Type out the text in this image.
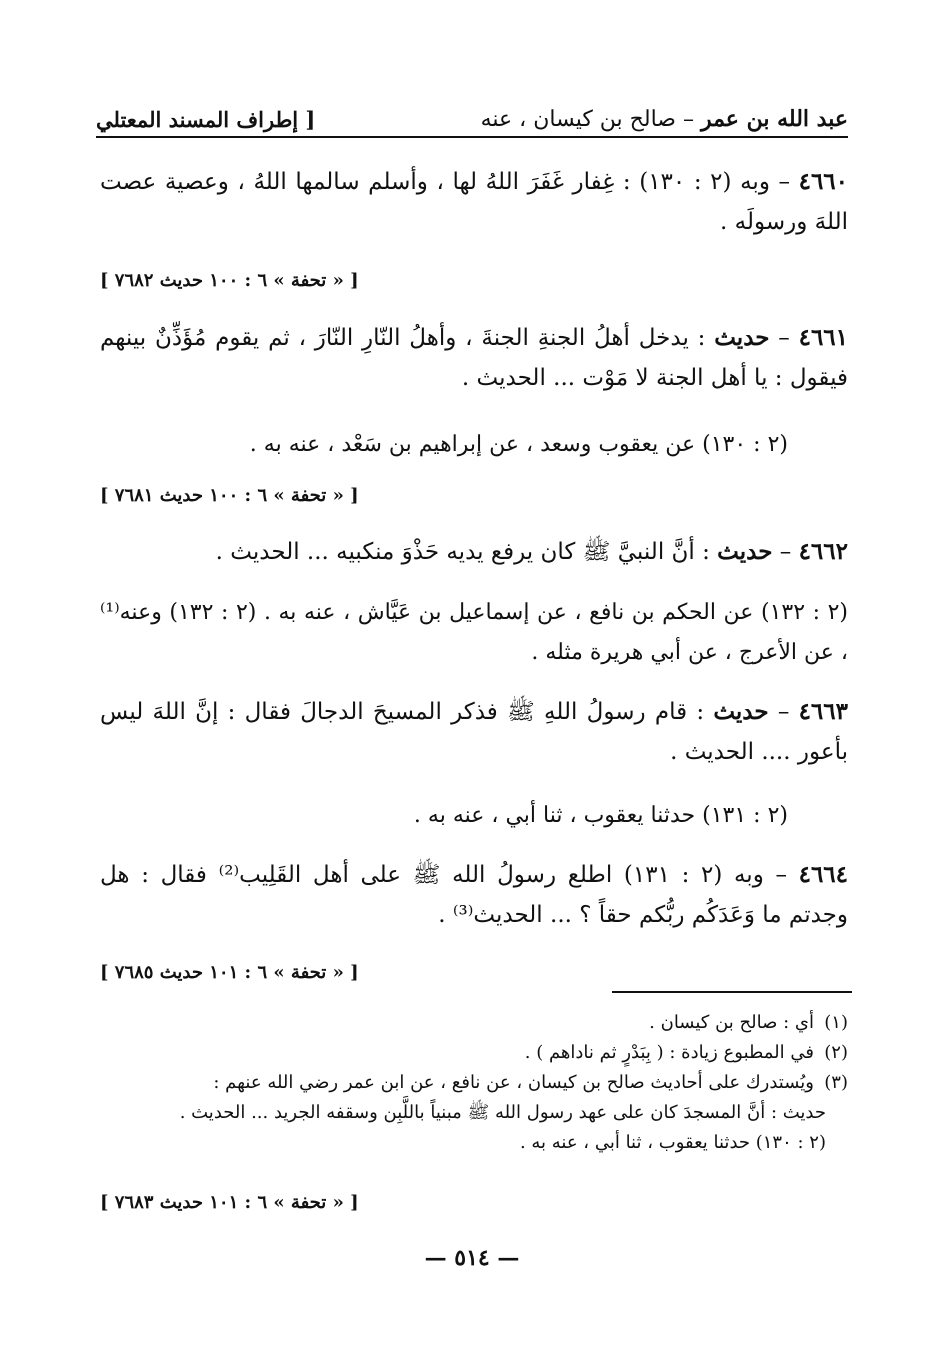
عبد الله بن عمر – صالح بن كيسان ، عنه
[ إطراف المسند المعتلي
٤٦٦٠ – وبه (٢ : ١٣٠) : غِفار غَفَرَ اللهُ لها ، وأسلم سالمها اللهُ ، وعصية عصت اللهَ ورسولَه .
[ « تحفة » ٦ : ١٠٠ حديث ٧٦٨٢ ]
٤٦٦١ – حديث : يدخل أهلُ الجنةِ الجنةَ ، وأهلُ النّارِ النّارَ ، ثم يقوم مُؤَذِّنٌ بينهم فيقول : يا أهل الجنة لا مَوْت ... الحديث .
(٢ : ١٣٠) عن يعقوب وسعد ، عن إبراهيم بن سَعْد ، عنه به .
[ « تحفة » ٦ : ١٠٠ حديث ٧٦٨١ ]
٤٦٦٢ – حديث : أنَّ النبيَّ ﷺ كان يرفع يديه حَذْوَ منكبيه ... الحديث .
(٢ : ١٣٢) عن الحكم بن نافع ، عن إسماعيل بن عَيَّاش ، عنه به . (٢ : ١٣٢) وعنه⁽¹⁾ ، عن الأعرج ، عن أبي هريرة مثله .
٤٦٦٣ – حديث : قام رسولُ اللهِ ﷺ فذكر المسيحَ الدجالَ فقال : إنَّ اللهَ ليس بأعور .... الحديث .
(٢ : ١٣١) حدثنا يعقوب ، ثنا أبي ، عنه به .
٤٦٦٤ – وبه (٢ : ١٣١) اطلع رسولُ الله ﷺ على أهل القَلِيب⁽²⁾ فقال : هل وجدتم ما وَعَدَكُم ربُّكم حقاً ؟ ... الحديث⁽³⁾ .
[ « تحفة » ٦ : ١٠١ حديث ٧٦٨٥ ]
(١)أي : صالح بن كيسان .
(٢)في المطبوع زيادة : ( بِبَدْرٍ ثم ناداهم ) .
(٣)ويُستدرك على أحاديث صالح بن كيسان ، عن نافع ، عن ابن عمر رضي الله عنهم :
حديث : أنَّ المسجدَ كان على عهد رسول الله ﷺ مبنياً باللَّبِن وسقفه الجريد ... الحديث .
(٢ : ١٣٠) حدثنا يعقوب ، ثنا أبي ، عنه به .
[ « تحفة » ٦ : ١٠١ حديث ٧٦٨٣ ]
— ٥١٤ —
